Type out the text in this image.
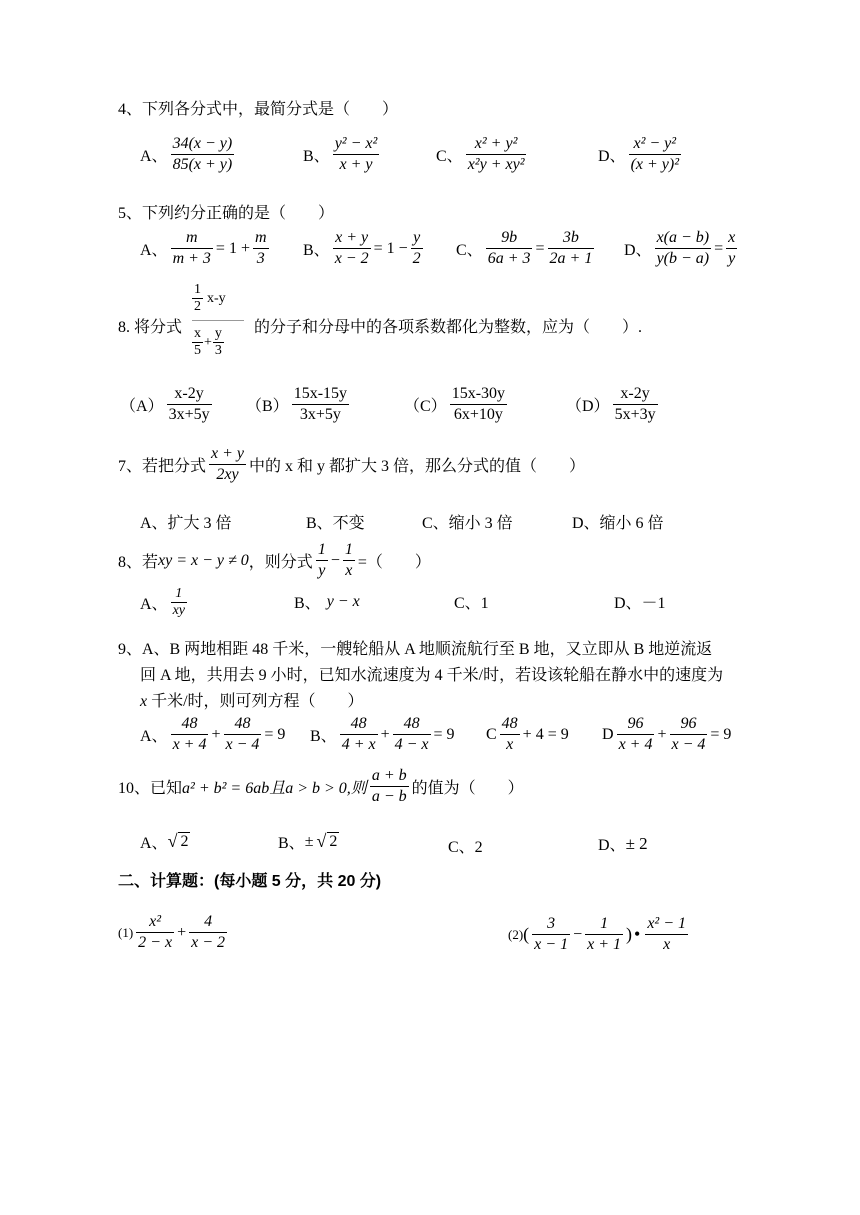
4、下列各分式中，最简分式是（　　）
A、 $\frac{34(x - y)}{85(x + y)}$	B、 $\frac{\text{y² − x²}}{x + y}$	C、 $\frac{\text{x² + y²}}{\text{x²y + xy²}}$	D、 $\frac{\text{x² − y²}}{\text{(x + y)²}}$
5、下列约分正确的是（　　）
A、 $\frac{m}{m + 3} = 1 + \frac{m}{3}$ B、 $\frac{x + y}{x - 2} = 1 - \frac{y}{2}$ C、 $\frac{9b}{6a + 3} = \frac{3b}{2a + 1}$ D、 $\frac{x(a - b)}{y(b - a)} = \frac{x}{y}$
8. 将分式
$\frac{1}{2} x-y$
$\frac{x}{5} + \frac{y}{3}$ 的分子和分母中的各项系数都化为整数，应为（　　）.
$(A) \frac{x-2y}{3x+5y} (B) \frac{15x-15y}{3x+5y}$	$(C) \frac{15x-30y}{6x+10y}$	$(D) \frac{x-2y}{5x+3y}$
7、若把分式 $\frac{x + y}{2xy}$ 中的 x 和 y 都扩大 3 倍，那么分式的值（　　）
A、扩大 3 倍	B、不变	C、缩小 3 倍	D、缩小 6 倍
8、若 xy = x − y ≠ 0 ，则分式 $\frac{1}{y} - \frac{1}{x}$ =（　　）
A、 $\frac{1}{xy}$	B、 y − x	C、1	D、－1
9、A、B 两地相距 48 千米，一艘轮船从 A 地顺流航行至 B 地，又立即从 B 地逆流返
回 A 地，共用去 9 小时，已知水流速度为 4 千米/时，若设该轮船在静水中的速度为
x 千米/时，则可列方程（　　）
A、 $\frac{48}{x + 4} + \frac{48}{x - 4} = 9$ B、 $\frac{48}{4 + x} + \frac{48}{4 - x} = 9$ C $\frac{48}{x} + 4 = 9$ D $\frac{96}{x + 4} + \frac{96}{x - 4} = 9$
10、已知 a² + b² = 6ab且a > b > 0,则 $\frac{a + b}{a - b}$ 的值为（　　）
A、 √ 2	B、 ± √ 2	C、2	D、 ± 2
二、计算题：(每小题 5 分，共 20 分)
$(1) \frac{\text{x²}}{2 - x} + \frac{4}{x - 2}$	(2) ( $\frac{3}{x - 1} - \frac{1}{x + 1}$ ) • $\frac{\text{x² − 1}}{x}$
